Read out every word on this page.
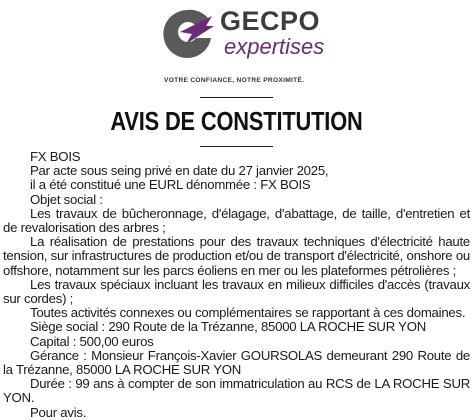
GECPO
expertises
VOTRE CONFIANCE, NOTRE PROXIMITÉ.
AVIS DE CONSTITUTION

FX BOIS

Par acte sous seing privé en date du 27 janvier 2025,

il a été constitué une EURL dénommée : FX BOIS

Objet social :

Les travaux de bûcheronnage, d'élagage, d'abattage, de taille, d'entretien et de revalorisation des arbres ;

La réalisation de prestations pour des travaux techniques d'électricité haute tension, sur infrastructures de production et/ou de transport d'électricité, onshore ou offshore, notamment sur les parcs éoliens en mer ou les plateformes pétrolières ;

Les travaux spéciaux incluant les travaux en milieux difficiles d'accès (travaux sur cordes) ;

Toutes activités connexes ou complémentaires se rapportant à ces domaines.

Siège social : 290 Route de la Trézanne, 85000 LA ROCHE SUR YON

Capital : 500,00 euros

Gérance : Monsieur François-Xavier GOURSOLAS demeurant 290 Route de la Trézanne, 85000 LA ROCHE SUR YON

Durée : 99 ans à compter de son immatriculation au RCS de LA ROCHE SUR YON.

Pour avis.
